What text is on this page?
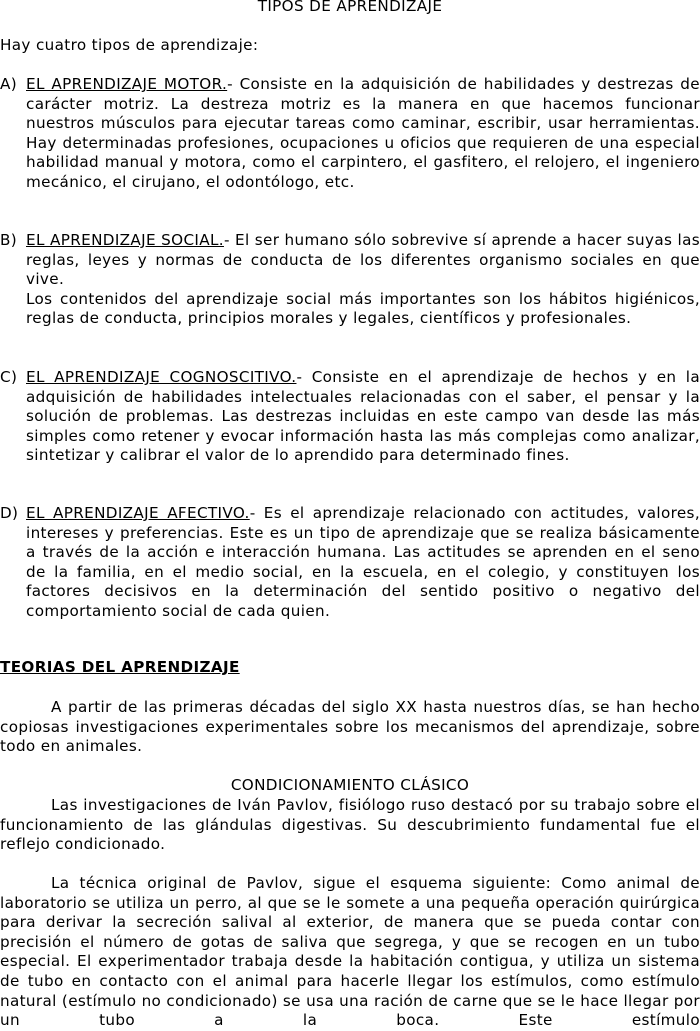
TIPOS DE APRENDIZAJE

Hay cuatro tipos de aprendizaje:

A) EL APRENDIZAJE MOTOR.- Consiste en la adquisición de habilidades y destrezas de carácter motriz. La destreza motriz es la manera en que hacemos funcionar nuestros músculos para ejecutar tareas como caminar, escribir, usar herramientas. Hay determinadas profesiones, ocupaciones u oficios que requieren de una especial habilidad manual y motora, como el carpintero, el gasfitero, el relojero, el ingeniero mecánico, el cirujano, el odontólogo, etc.

B) EL APRENDIZAJE SOCIAL.- El ser humano sólo sobrevive sí aprende a hacer suyas las reglas, leyes y normas de conducta de los diferentes organismo sociales en que vive.

Los contenidos del aprendizaje social más importantes son los hábitos higiénicos, reglas de conducta, principios morales y legales, científicos y profesionales.

C) EL APRENDIZAJE COGNOSCITIVO.- Consiste en el aprendizaje de hechos y en la adquisición de habilidades intelectuales relacionadas con el saber, el pensar y la solución de problemas. Las destrezas incluidas en este campo van desde las más simples como retener y evocar información hasta las más complejas como analizar, sintetizar y calibrar el valor de lo aprendido para determinado fines.

D) EL APRENDIZAJE AFECTIVO.- Es el aprendizaje relacionado con actitudes, valores, intereses y preferencias. Este es un tipo de aprendizaje que se realiza básicamente a través de la acción e interacción humana. Las actitudes se aprenden en el seno de la familia, en el medio social, en la escuela, en el colegio, y constituyen los factores decisivos en la determinación del sentido positivo o negativo del comportamiento social de cada quien.

TEORIAS DEL APRENDIZAJE

A partir de las primeras décadas del siglo XX hasta nuestros días, se han hecho copiosas investigaciones experimentales sobre los mecanismos del aprendizaje, sobre todo en animales.

CONDICIONAMIENTO CLÁSICO

Las investigaciones de Iván Pavlov, fisiólogo ruso destacó por su trabajo sobre el funcionamiento de las glándulas digestivas. Su descubrimiento fundamental fue el reflejo condicionado.

La técnica original de Pavlov, sigue el esquema siguiente: Como animal de laboratorio se utiliza un perro, al que se le somete a una pequeña operación quirúrgica para derivar la secreción salival al exterior, de manera que se pueda contar con precisión el número de gotas de saliva que segrega, y que se recogen en un tubo especial. El experimentador trabaja desde la habitación contigua, y utiliza un sistema de tubo en contacto con el animal para hacerle llegar los estímulos, como estímulo natural (estímulo no condicionado) se usa una ración de carne que se le hace llegar por un tubo a la boca. Este estímulo
